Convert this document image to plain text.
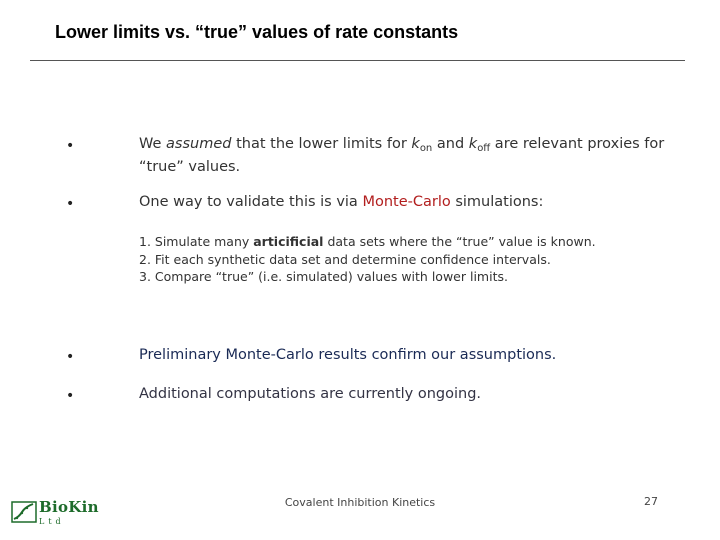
Lower limits vs. “true” values of rate constants
•	We assumed that the lower limits for $k_{on}$ and $k_{off}$ are relevant proxies for “true” values.
•	One way to validate this is via Monte-Carlo simulations:
1. Simulate many articificial data sets where the “true” value is known.
2. Fit each synthetic data set and determine confidence intervals.
3. Compare “true” (i.e. simulated) values with lower limits.
•	Preliminary Monte-Carlo results confirm our assumptions.
•	Additional computations are currently ongoing.
BioKin
Ltd
Covalent Inhibition Kinetics	27
